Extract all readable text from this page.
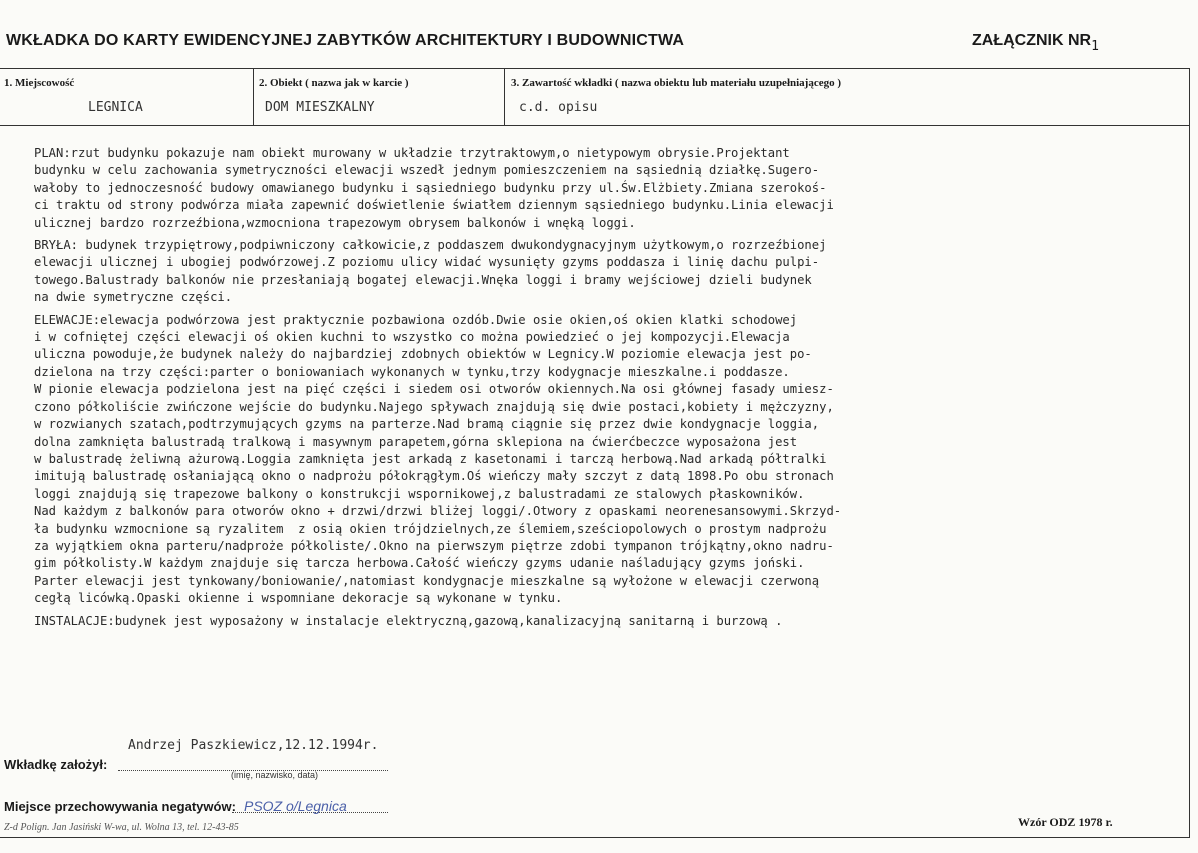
WKŁADKA DO KARTY EWIDENCYJNEJ ZABYTKÓW ARCHITEKTURY I BUDOWNICTWA	ZAŁĄCZNIK $NR_1$
1. Miejscowość
LEGNICA
2. Obiekt ( nazwa jak w karcie )
DOM MIESZKALNY
3. Zawartość wkładki ( nazwa obiektu lub materiału uzupełniającego )
c.d. opisu

PLAN:rzut budynku pokazuje nam obiekt murowany w układzie trzytraktowym,o nietypowym obrysie.Projektant

budynku w celu zachowania symetryczności elewacji wszedł jednym pomieszczeniem na sąsiednią działkę.Sugero-

wałoby to jednoczesność budowy omawianego budynku i sąsiedniego budynku przy ul.Św.Elżbiety.Zmiana szerokoś-

ci traktu od strony podwórza miała zapewnić doświetlenie światłem dziennym sąsiedniego budynku.Linia elewacji

ulicznej bardzo rozrzeźbiona,wzmocniona trapezowym obrysem balkonów i wnęką loggi.

BRYŁA: budynek trzypiętrowy,podpiwniczony całkowicie,z poddaszem dwukondygnacyjnym użytkowym,o rozrzeźbionej

elewacji ulicznej i ubogiej podwórzowej.Z poziomu ulicy widać wysunięty gzyms poddasza i linię dachu pulpi-

towego.Balustrady balkonów nie przesłaniają bogatej elewacji.Wnęka loggi i bramy wejściowej dzieli budynek

na dwie symetryczne części.

ELEWACJE:elewacja podwórzowa jest praktycznie pozbawiona ozdób.Dwie osie okien,oś okien klatki schodowej

i w cofniętej części elewacji oś okien kuchni to wszystko co można powiedzieć o jej kompozycji.Elewacja

uliczna powoduje,że budynek należy do najbardziej zdobnych obiektów w Legnicy.W poziomie elewacja jest po-

dzielona na trzy części:parter o boniowaniach wykonanych w tynku,trzy kodygnacje mieszkalne.i poddasze.

W pionie elewacja podzielona jest na pięć części i siedem osi otworów okiennych.Na osi głównej fasady umiesz-

czono półkoliście zwińczone wejście do budynku.Najego spływach znajdują się dwie postaci,kobiety i mężczyzny,

w rozwianych szatach,podtrzymujących gzyms na parterze.Nad bramą ciągnie się przez dwie kondygnacje loggia,

dolna zamknięta balustradą tralkową i masywnym parapetem,górna sklepiona na ćwierćbeczce wyposażona jest

w balustradę żeliwną ażurową.Loggia zamknięta jest arkadą z kasetonami i tarczą herbową.Nad arkadą półtralki

imitują balustradę osłaniającą okno o nadprożu półokrągłym.Oś wieńczy mały szczyt z datą 1898.Po obu stronach

loggi znajdują się trapezowe balkony o konstrukcji wspornikowej,z balustradami ze stalowych płaskowników.

Nad każdym z balkonów para otworów okno + drzwi/drzwi bliżej loggi/.Otwory z opaskami neorenesansowymi.Skrzyd-

ła budynku wzmocnione są ryzalitem  z osią okien trójdzielnych,ze ślemiem,sześciopolowych o prostym nadprożu

za wyjątkiem okna parteru/nadproże półkoliste/.Okno na pierwszym piętrze zdobi tympanon trójkątny,okno nadru-

gim półkolisty.W każdym znajduje się tarcza herbowa.Całość wieńczy gzyms udanie naśladujący gzyms joński.

Parter elewacji jest tynkowany/boniowanie/,natomiast kondygnacje mieszkalne są wyłożone w elewacji czerwoną

cegłą licówką.Opaski okienne i wspomniane dekoracje są wykonane w tynku.

INSTALACJE:budynek jest wyposażony w instalacje elektryczną,gazową,kanalizacyjną sanitarną i burzową .

Andrzej Paszkiewicz,12.12.1994r.
Wkładkę założył:
(imię, nazwisko, data)
Miejsce przechowywania negatywów: PSOZ o/Legnica
Z-d Polign. Jan Jasiński W-wa, ul. Wolna 13, tel. 12-43-85	Wzór ODZ 1978 r.
